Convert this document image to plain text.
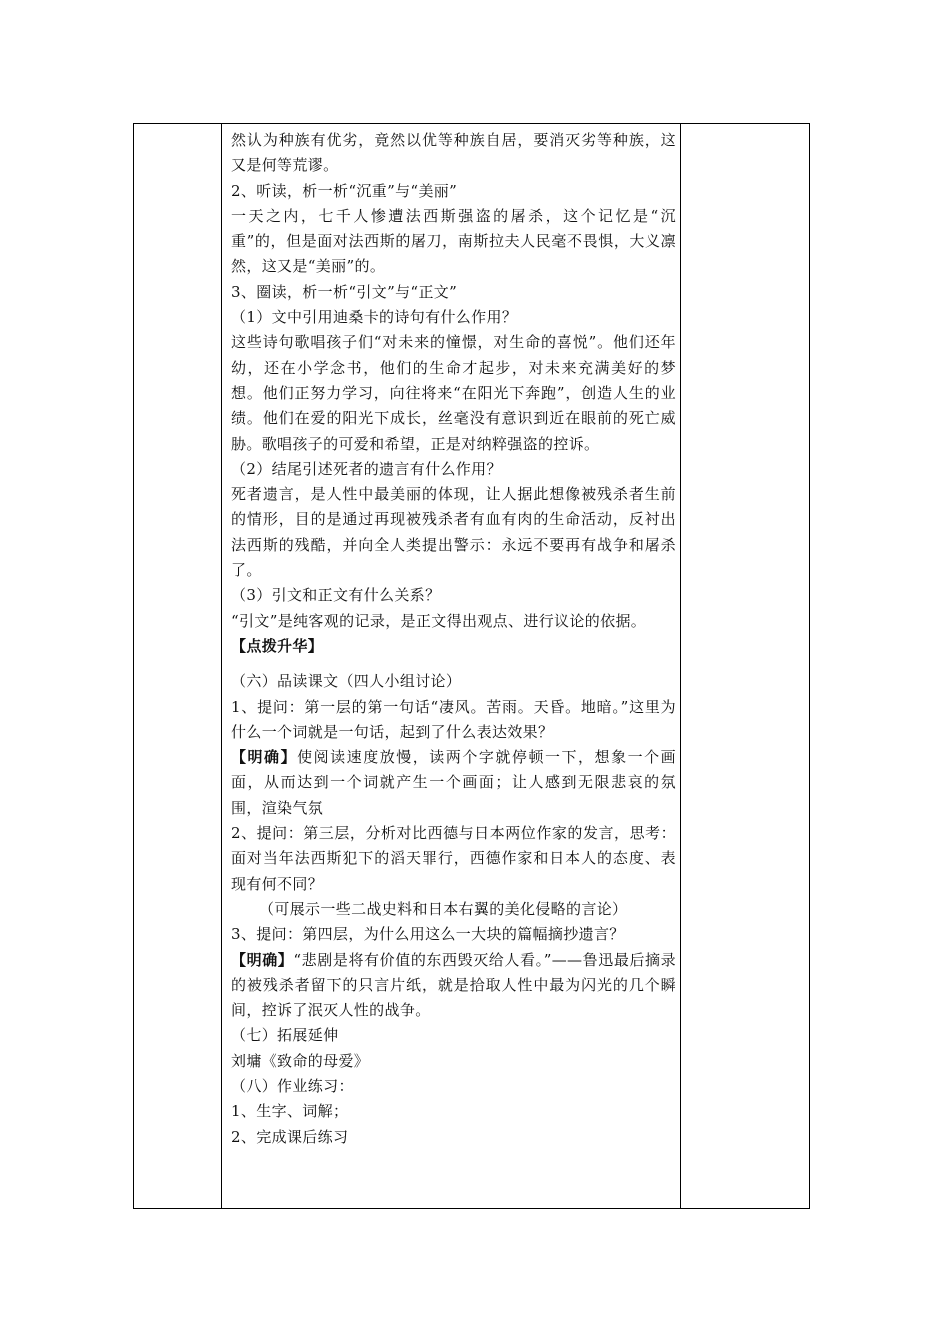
然认为种族有优劣，竟然以优等种族自居，要消灭劣等种族，这又是何等荒谬。

2、听读，析一析“沉重”与“美丽”

一天之内，七千人惨遭法西斯强盗的屠杀，这个记忆是“沉重”的，但是面对法西斯的屠刀，南斯拉夫人民毫不畏惧，大义凛然，这又是“美丽”的。

3、圈读，析一析“引文”与“正文”

（1）文中引用迪桑卡的诗句有什么作用？

这些诗句歌唱孩子们“对未来的憧憬，对生命的喜悦”。他们还年幼，还在小学念书，他们的生命才起步，对未来充满美好的梦想。他们正努力学习，向往将来“在阳光下奔跑”，创造人生的业绩。他们在爱的阳光下成长，丝毫没有意识到近在眼前的死亡威胁。歌唱孩子的可爱和希望，正是对纳粹强盗的控诉。

（2）结尾引述死者的遗言有什么作用？

死者遗言，是人性中最美丽的体现，让人据此想像被残杀者生前的情形，目的是通过再现被残杀者有血有肉的生命活动，反衬出法西斯的残酷，并向全人类提出警示：永远不要再有战争和屠杀了。

（3）引文和正文有什么关系？

“引文”是纯客观的记录，是正文得出观点、进行议论的依据。

【点拨升华】

（六）品读课文（四人小组讨论）

1、提问：第一层的第一句话“凄风。苦雨。天昏。地暗。”这里为什么一个词就是一句话，起到了什么表达效果？

【明确】使阅读速度放慢，读两个字就停顿一下，想象一个画面，从而达到一个词就产生一个画面；让人感到无限悲哀的氛围，渲染气氛

2、提问：第三层，分析对比西德与日本两位作家的发言，思考：面对当年法西斯犯下的滔天罪行，西德作家和日本人的态度、表现有何不同？

（可展示一些二战史料和日本右翼的美化侵略的言论）

3、提问：第四层，为什么用这么一大块的篇幅摘抄遗言？

【明确】“悲剧是将有价值的东西毁灭给人看。”——鲁迅最后摘录的被残杀者留下的只言片纸，就是拾取人性中最为闪光的几个瞬间，控诉了泯灭人性的战争。

（七）拓展延伸

刘墉《致命的母爱》

（八）作业练习：

1、生字、词解；

2、完成课后练习
